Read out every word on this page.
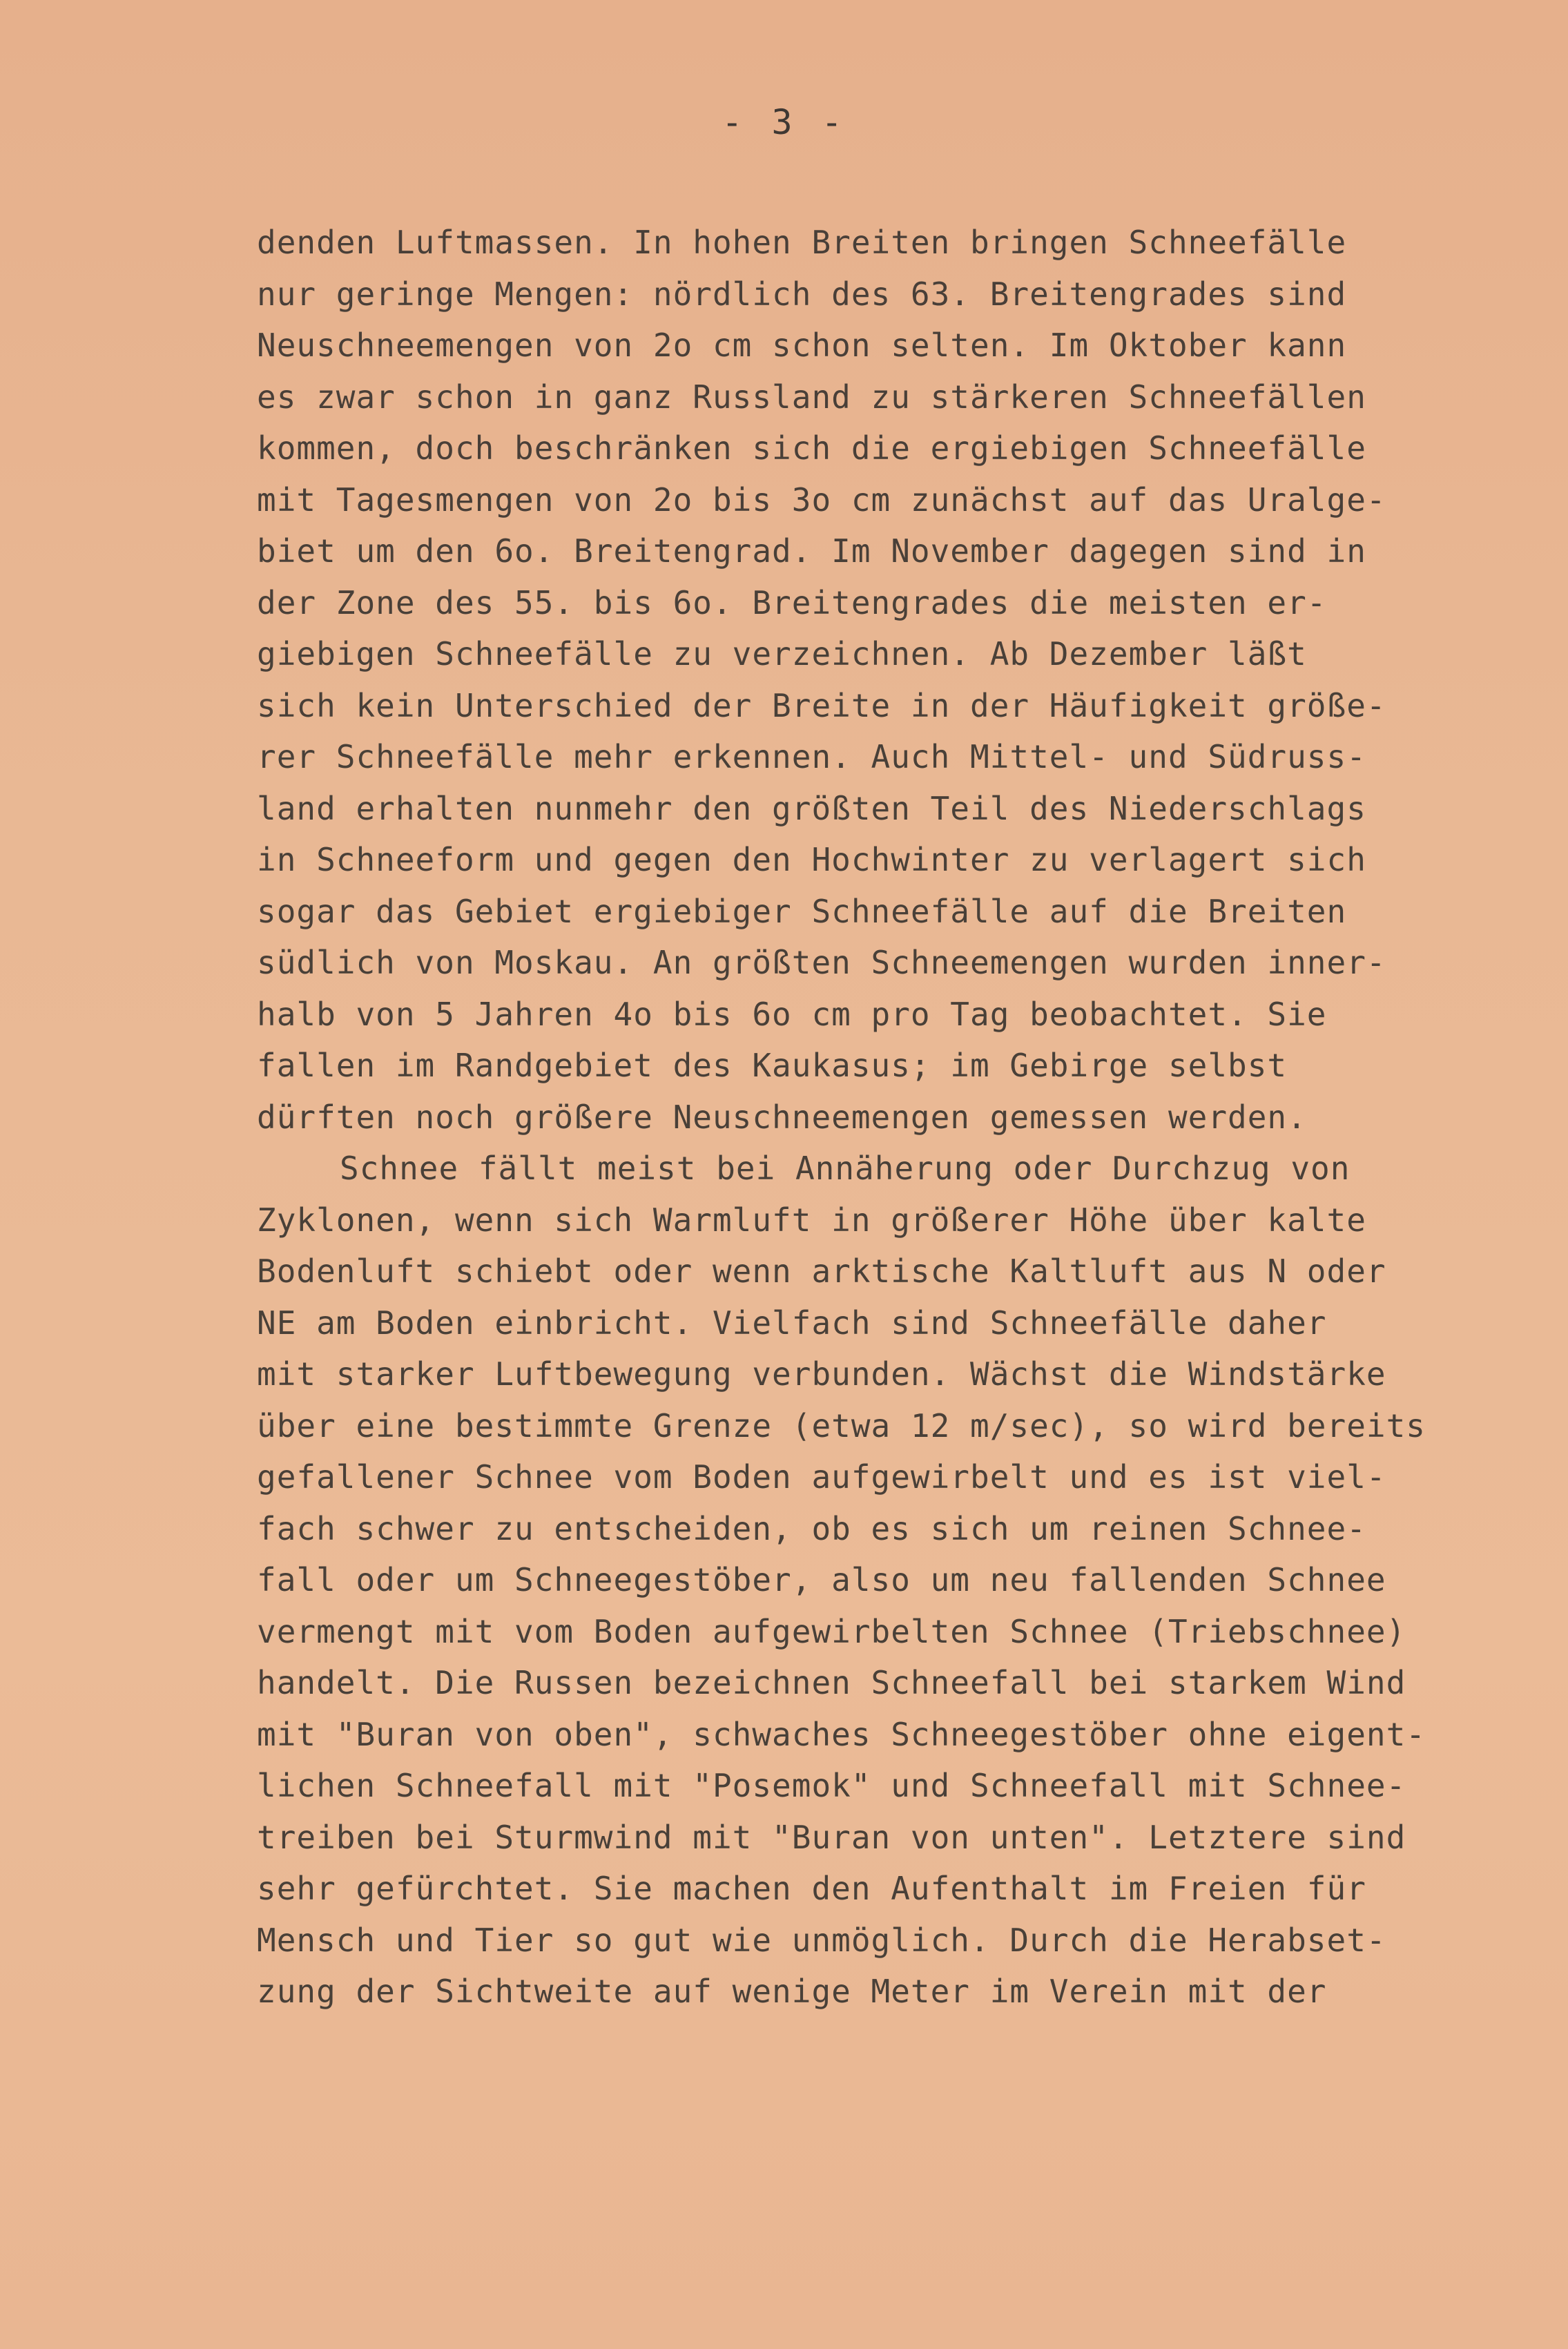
- 3 -
denden Luftmassen. In hohen Breiten bringen Schneefälle
nur geringe Mengen: nördlich des 63. Breitengrades sind
Neuschneemengen von 2o cm schon selten. Im Oktober kann
es zwar schon in ganz Russland zu stärkeren Schneefällen
kommen, doch beschränken sich die ergiebigen Schneefälle
mit Tagesmengen von 2o bis 3o cm zunächst auf das Uralge-
biet um den 6o. Breitengrad. Im November dagegen sind in
der Zone des 55. bis 6o. Breitengrades die meisten er-
giebigen Schneefälle zu verzeichnen. Ab Dezember läßt
sich kein Unterschied der Breite in der Häufigkeit größe-
rer Schneefälle mehr erkennen. Auch Mittel- und Südruss-
land erhalten nunmehr den größten Teil des Niederschlags
in Schneeform und gegen den Hochwinter zu verlagert sich
sogar das Gebiet ergiebiger Schneefälle auf die Breiten
südlich von Moskau. An größten Schneemengen wurden inner-
halb von 5 Jahren 4o bis 6o cm pro Tag beobachtet. Sie
fallen im Randgebiet des Kaukasus; im Gebirge selbst
dürften noch größere Neuschneemengen gemessen werden.
Schnee fällt meist bei Annäherung oder Durchzug von
Zyklonen, wenn sich Warmluft in größerer Höhe über kalte
Bodenluft schiebt oder wenn arktische Kaltluft aus N oder
NE am Boden einbricht. Vielfach sind Schneefälle daher
mit starker Luftbewegung verbunden. Wächst die Windstärke
über eine bestimmte Grenze (etwa 12 m/sec), so wird bereits
gefallener Schnee vom Boden aufgewirbelt und es ist viel-
fach schwer zu entscheiden, ob es sich um reinen Schnee-
fall oder um Schneegestöber, also um neu fallenden Schnee
vermengt mit vom Boden aufgewirbelten Schnee (Triebschnee)
handelt. Die Russen bezeichnen Schneefall bei starkem Wind
mit "Buran von oben", schwaches Schneegestöber ohne eigent-
lichen Schneefall mit "Posemok" und Schneefall mit Schnee-
treiben bei Sturmwind mit "Buran von unten". Letztere sind
sehr gefürchtet. Sie machen den Aufenthalt im Freien für
Mensch und Tier so gut wie unmöglich. Durch die Herabset-
zung der Sichtweite auf wenige Meter im Verein mit der
